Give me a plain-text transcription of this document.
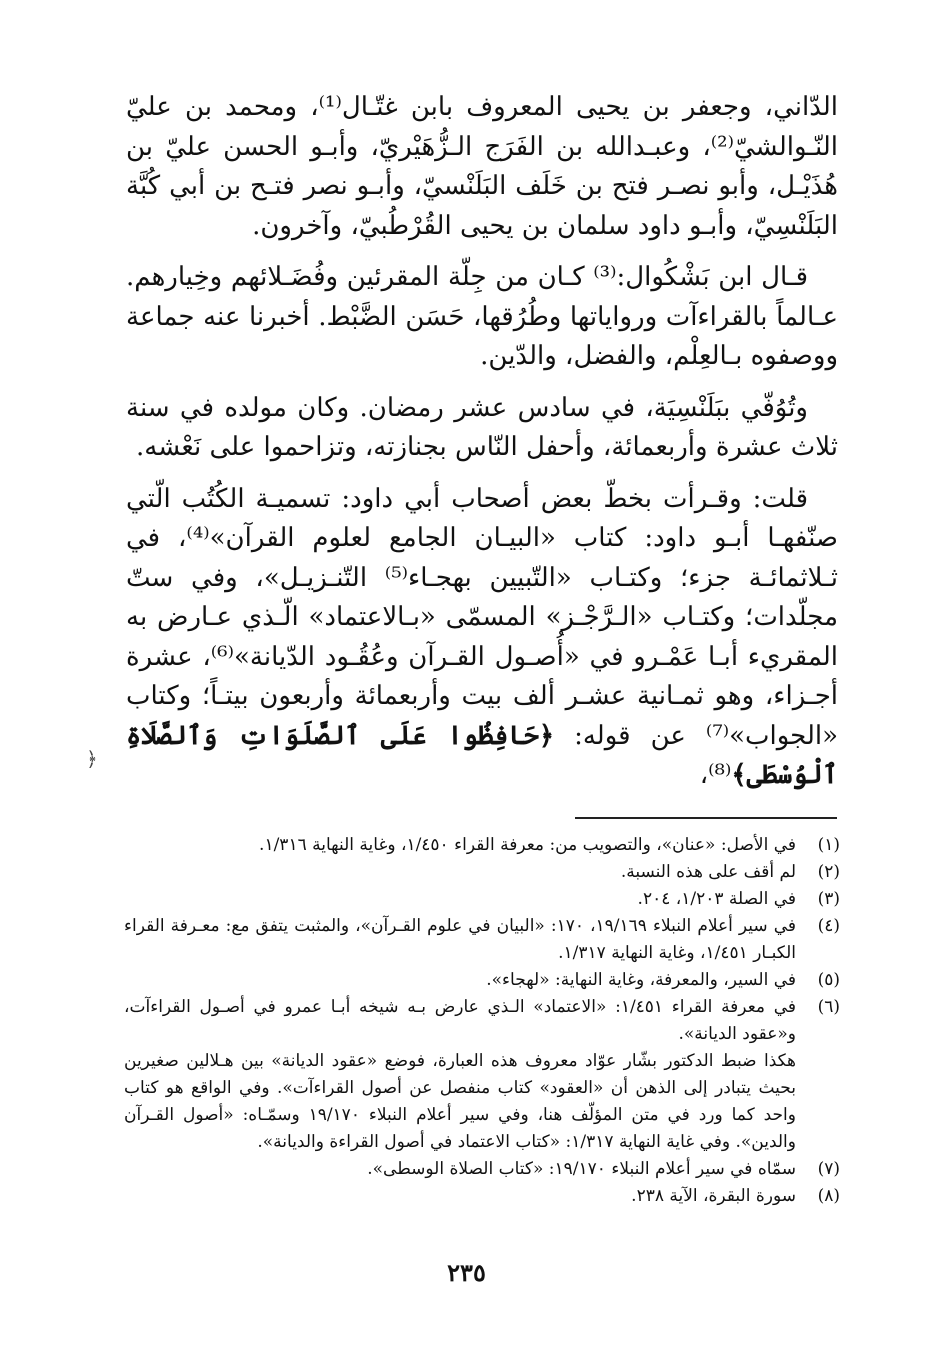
الدّاني، وجعفر بن يحيى المعروف بابن غتّـال⁽¹⁾، ومحمد بن عليّ النّـوالشيّ⁽²⁾، وعبـدالله بن الفَرَج الـزُّهَيْريّ، وأبـو الحسن عليّ بن هُذَيْـل، وأبو نصـر فتح بن خَلَف البَلَنْسيّ، وأبـو نصر فتـح بن أبي كُبَّة البَلَنْسِيّ، وأبـو داود سلمان بن يحيى القُرْطُبيّ، وآخرون.

قـال ابن بَشْكُوال:⁽³⁾ كـان من جِلّة المقرئين وفُضَـلائهم وخِيارهم. عـالماً بالقراءآت ورواياتها وطُرُقها، حَسَن الضَّبْط. أخبرنا عنه جماعة ووصفوه بـالعِلْم، والفضل، والدّين.

وتُوُفّي ببَلَنْسِيَة، في سادس عشر رمضان. وكان مولده في سنة ثلاث عشرة وأربعمائة، وأحفل النّاس بجنازته، وتزاحموا على نَعْشه.

قلت: وقـرأت بخطّ بعض أصحاب أبي داود: تسميـة الكُتُب الّتي صنّفهـا أبـو داود: كتاب «البيـان الجامع لعلوم القرآن»⁽⁴⁾، في ثـلاثمائـة جزء؛ وكتـاب «التّبيين بهجـاء⁽⁵⁾ التّنـزيـل»، وفي ستّ مجلّدات؛ وكتـاب «الـرَّجْـز» المسمّى «بـالاعتماد» الّـذي عـارض به المقريء أبـا عَمْـرو في «أُصـول القـرآن وعُقُـود الدّيانة»⁽⁶⁾، عشرة أجـزاء، وهو ثمـانية عشـر ألف بيت وأربعمائة وأربعون بيتـاً؛ وكتاب «الجواب»⁽⁷⁾ عن قوله: ﴿حَافِظُوا عَلَى ٱلصَّلَوَاتِ وَٱلصَّلَاةِ ٱلْوُسْطَى﴾⁽⁸⁾،

﴿
(١)
في الأصل: «عنان»، والتصويب من: معرفة القراء ١/٤٥٠، وغاية النهاية ١/٣١٦.
(٢)
لم أقف على هذه النسبة.
(٣)
في الصلة ١/٢٠٣، ٢٠٤.
(٤)
في سير أعلام النبلاء ١٩/١٦٩، ١٧٠: «البيان في علوم القـرآن»، والمثبت يتفق مع: معـرفة القراء الكبـار ١/٤٥١، وغاية النهاية ١/٣١٧.
(٥)
في السير، والمعرفة، وغاية النهاية: «لهجاء».
(٦)
في معرفة القراء ١/٤٥١: «الاعتماد» الـذي عارض بـه شيخه أبـا عمرو في أصـول القراءآت، و«عقود الديانة».
هكذا ضبط الدكتور بشّار عوّاد معروف هذه العبارة، فوضع «عقود الديانة» بين هـلالين صغيرين بحيث يتبادر إلى الذهن أن «العقود» كتاب منفصل عن أصول القراءآت». وفي الواقع هو كتاب واحد كما ورد في متن المؤلّف هنا، وفي سير أعلام النبلاء ١٩/١٧٠ وسمّـاه: «أصول القـرآن والدين». وفي غاية النهاية ١/٣١٧: «كتاب الاعتماد في أصول القراءة والديانة».
(٧)
سمّاه في سير أعلام النبلاء ١٩/١٧٠: «كتاب الصلاة الوسطى».
(٨)
سورة البقرة، الآية ٢٣٨.
٢٣٥
